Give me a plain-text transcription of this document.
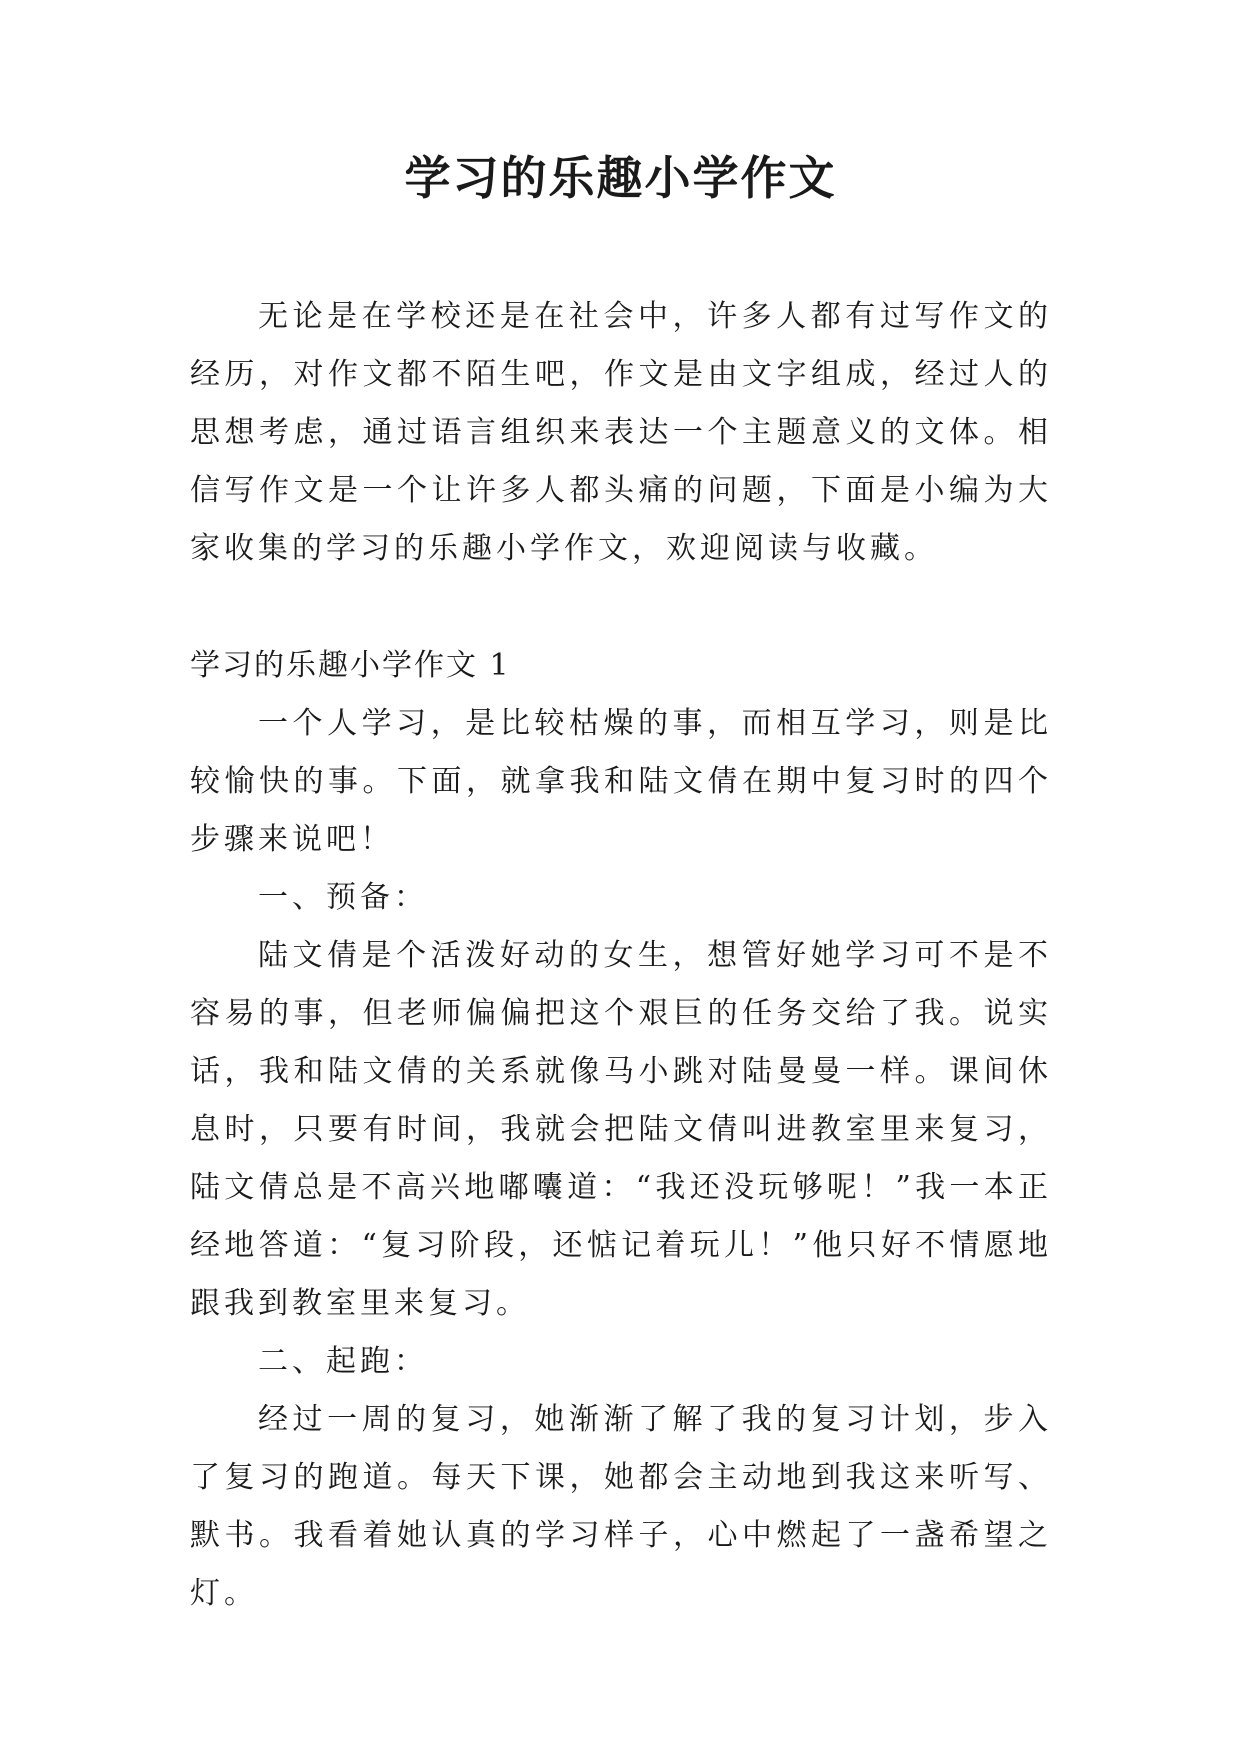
学习的乐趣小学作文

无论是在学校还是在社会中，许多人都有过写作文的经历，对作文都不陌生吧，作文是由文字组成，经过人的思想考虑，通过语言组织来表达一个主题意义的文体。相信写作文是一个让许多人都头痛的问题，下面是小编为大家收集的学习的乐趣小学作文，欢迎阅读与收藏。

学习的乐趣小学作文 1

一个人学习，是比较枯燥的事，而相互学习，则是比较愉快的事。下面，就拿我和陆文倩在期中复习时的四个步骤来说吧！

一、预备：

陆文倩是个活泼好动的女生，想管好她学习可不是不容易的事，但老师偏偏把这个艰巨的任务交给了我。说实话，我和陆文倩的关系就像马小跳对陆曼曼一样。课间休息时，只要有时间，我就会把陆文倩叫进教室里来复习，陆文倩总是不高兴地嘟囔道：“我还没玩够呢！”我一本正经地答道：“复习阶段，还惦记着玩儿！”他只好不情愿地跟我到教室里来复习。

二、起跑：

经过一周的复习，她渐渐了解了我的复习计划，步入了复习的跑道。每天下课，她都会主动地到我这来听写、默书。我看着她认真的学习样子，心中燃起了一盏希望之灯。
